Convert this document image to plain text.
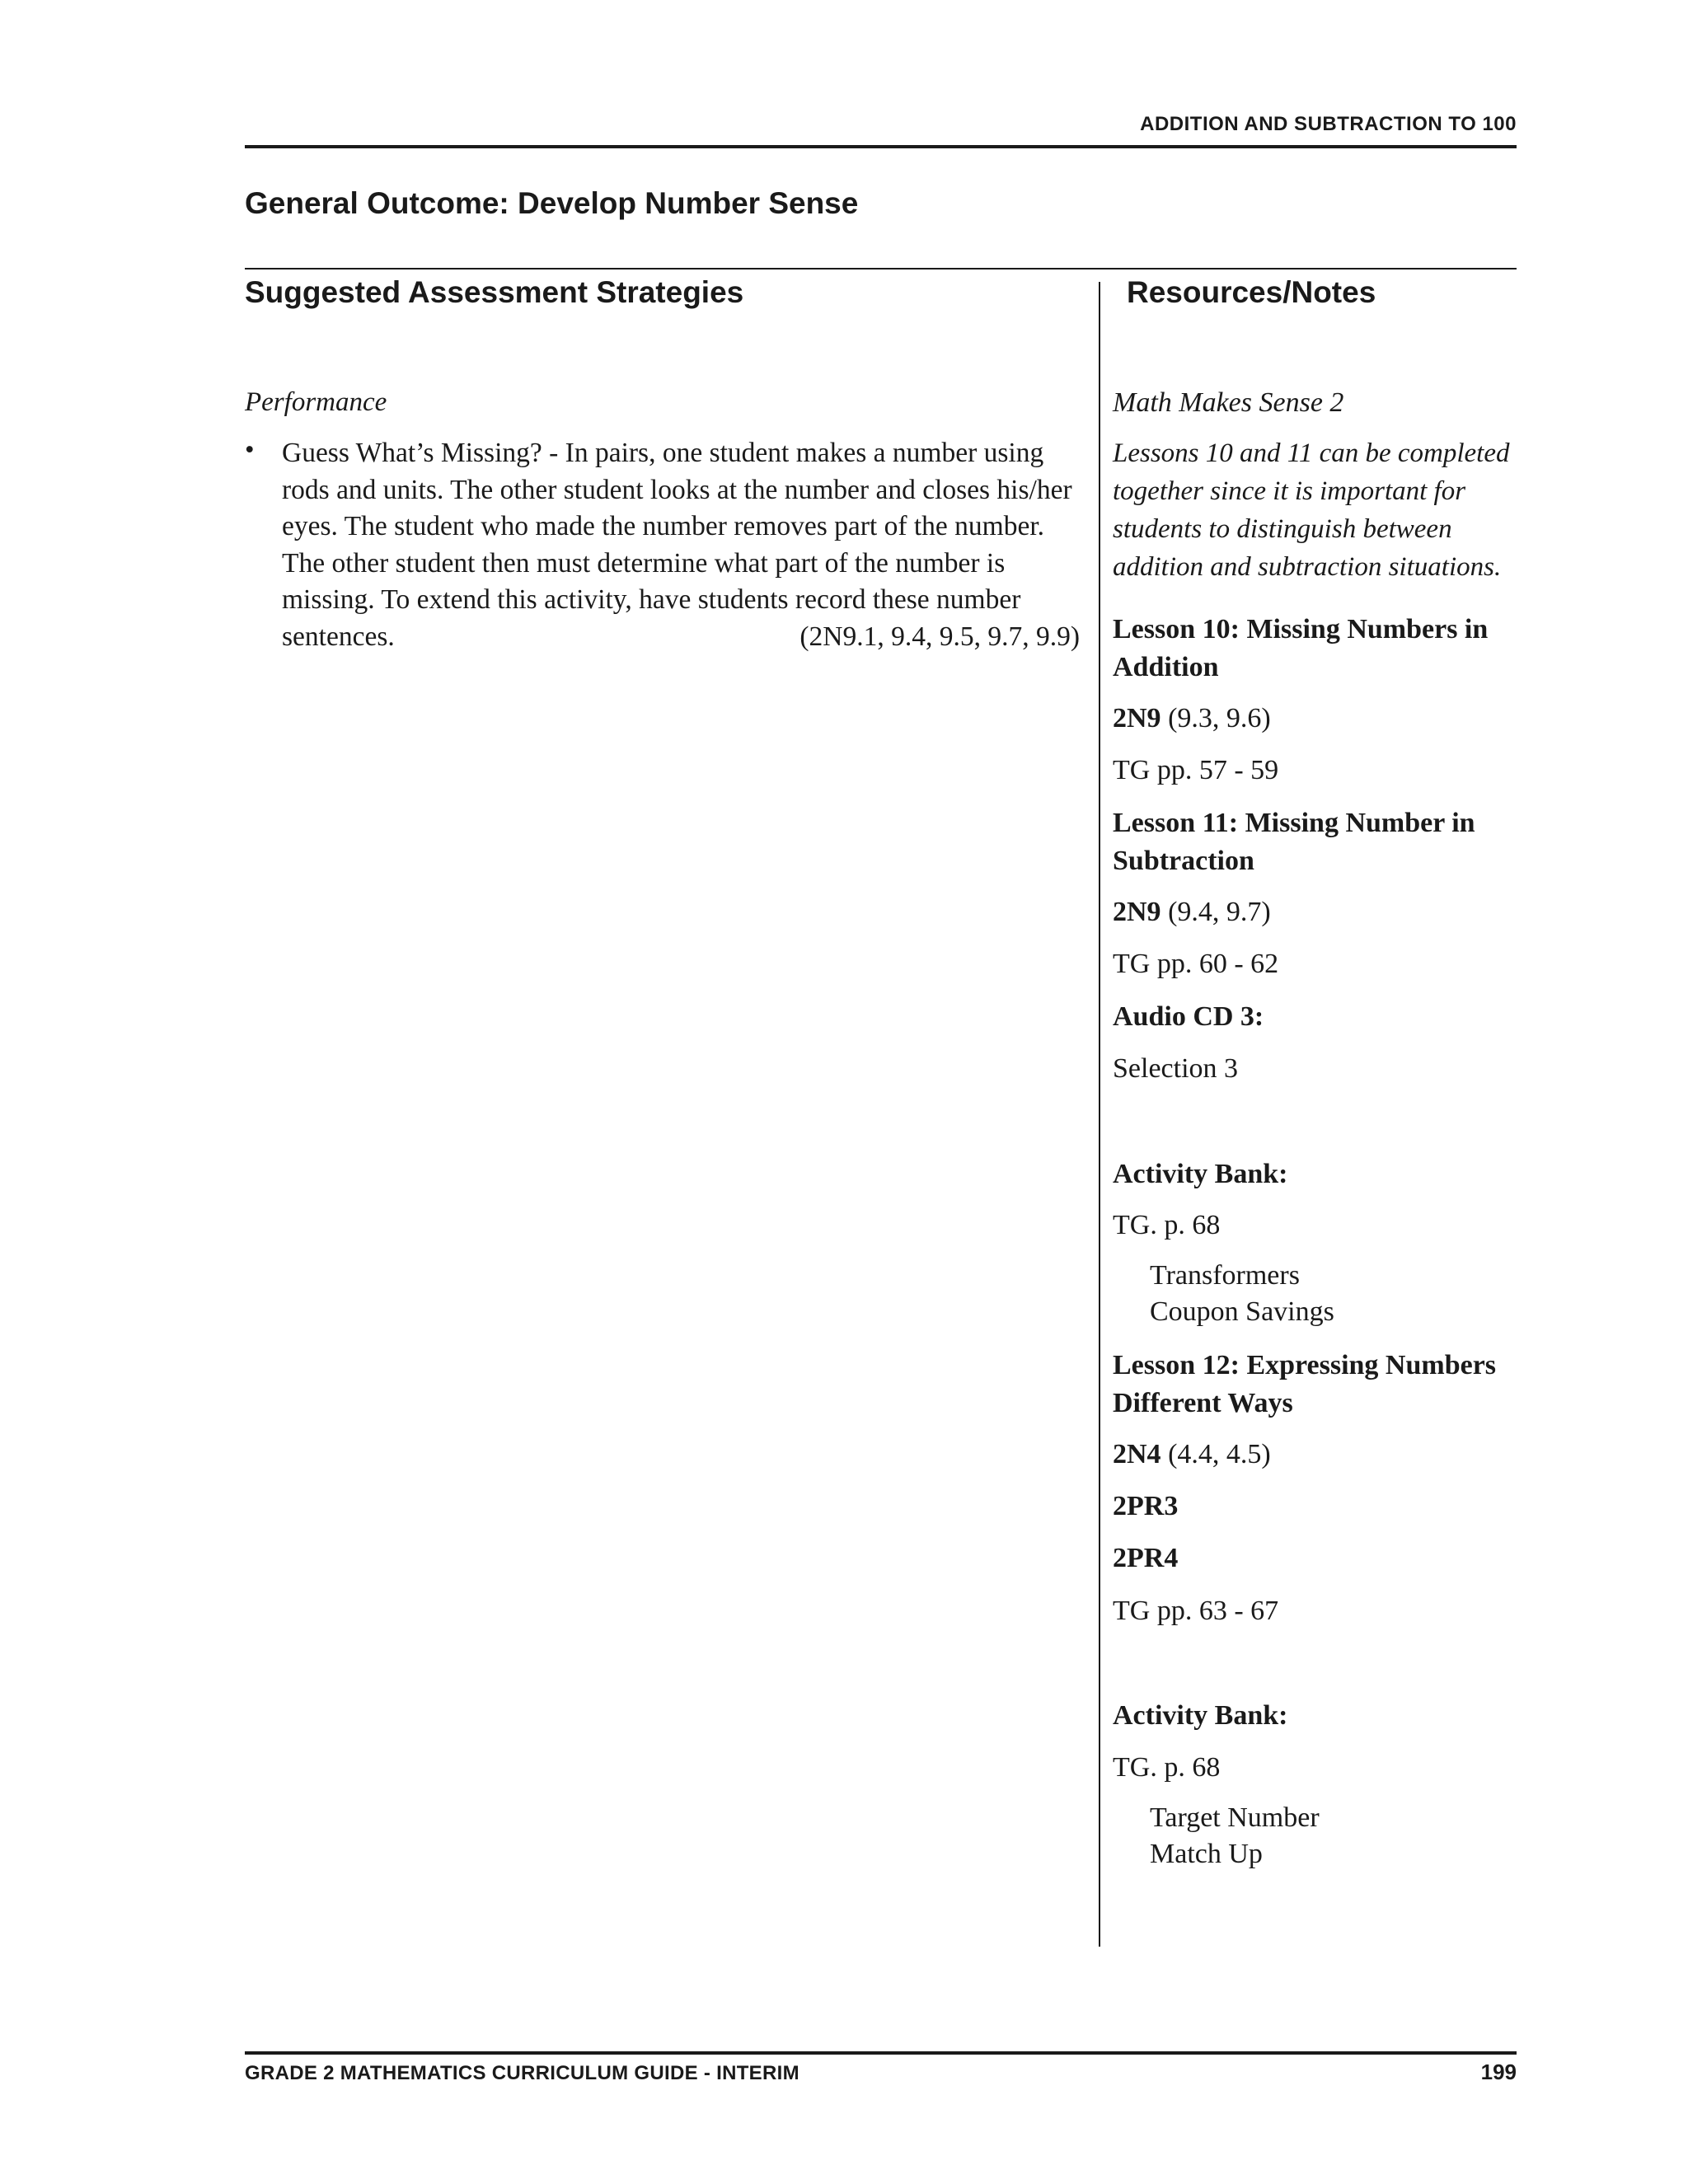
ADDITION AND SUBTRACTION TO 100
General Outcome: Develop Number Sense
Suggested Assessment Strategies	Resources/Notes
Performance
• Guess What’s Missing? - In pairs, one student makes a number using rods and units. The other student looks at the number and closes his/her eyes. The student who made the number removes part of the number. The other student then must determine what part of the number is missing. To extend this activity, have students record these number sentences.	(2N9.1, 9.4, 9.5, 9.7, 9.9)
Math Makes Sense 2
Lessons 10 and 11 can be completed together since it is important for students to distinguish between addition and subtraction situations.
Lesson 10: Missing Numbers in Addition
2N9 (9.3, 9.6)
TG pp. 57 - 59
Lesson 11: Missing Number in Subtraction
2N9 (9.4, 9.7)
TG pp. 60 - 62
Audio CD 3:
Selection 3
Activity Bank:
TG. p. 68
Transformers
Coupon Savings
Lesson 12: Expressing Numbers Different Ways
2N4 (4.4, 4.5)
2PR3
2PR4
TG pp. 63 - 67
Activity Bank:
TG. p. 68
Target Number
Match Up
GRADE 2 MATHEMATICS CURRICULUM GUIDE - INTERIM	199
